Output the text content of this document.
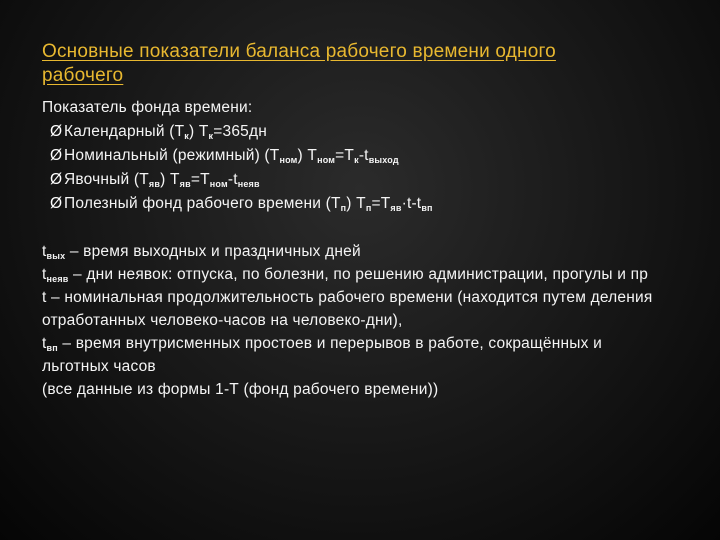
Основные показатели баланса рабочего времени одного рабочего

Показатель фонда времени:

Ø Календарный $(Т_к)$ $Т_к=365дн$

Ø Номинальный (режимный) $(Т_{ном})$ $Т_{ном}=Т_к-t_{выход}$

Ø Явочный $(Т_{яв})$ $Т_{яв}=Т_{ном}-t_{неяв}$

Ø Полезный фонд рабочего времени $(Т_п)$ $Т_п=Т_{яв}\cdot t-t_{вп}$

$t_{вых}$ – время выходных и праздничных дней

$t_{неяв}$ – дни неявок: отпуска, по болезни, по решению администрации, прогулы и пр

t – номинальная продолжительность рабочего времени (находится путем деления отработанных человеко-часов на человеко-дни),

$t_{вп}$ – время внутрисменных простоев и перерывов в работе, сокращённых и льготных часов

(все данные из формы 1-Т (фонд рабочего времени))
